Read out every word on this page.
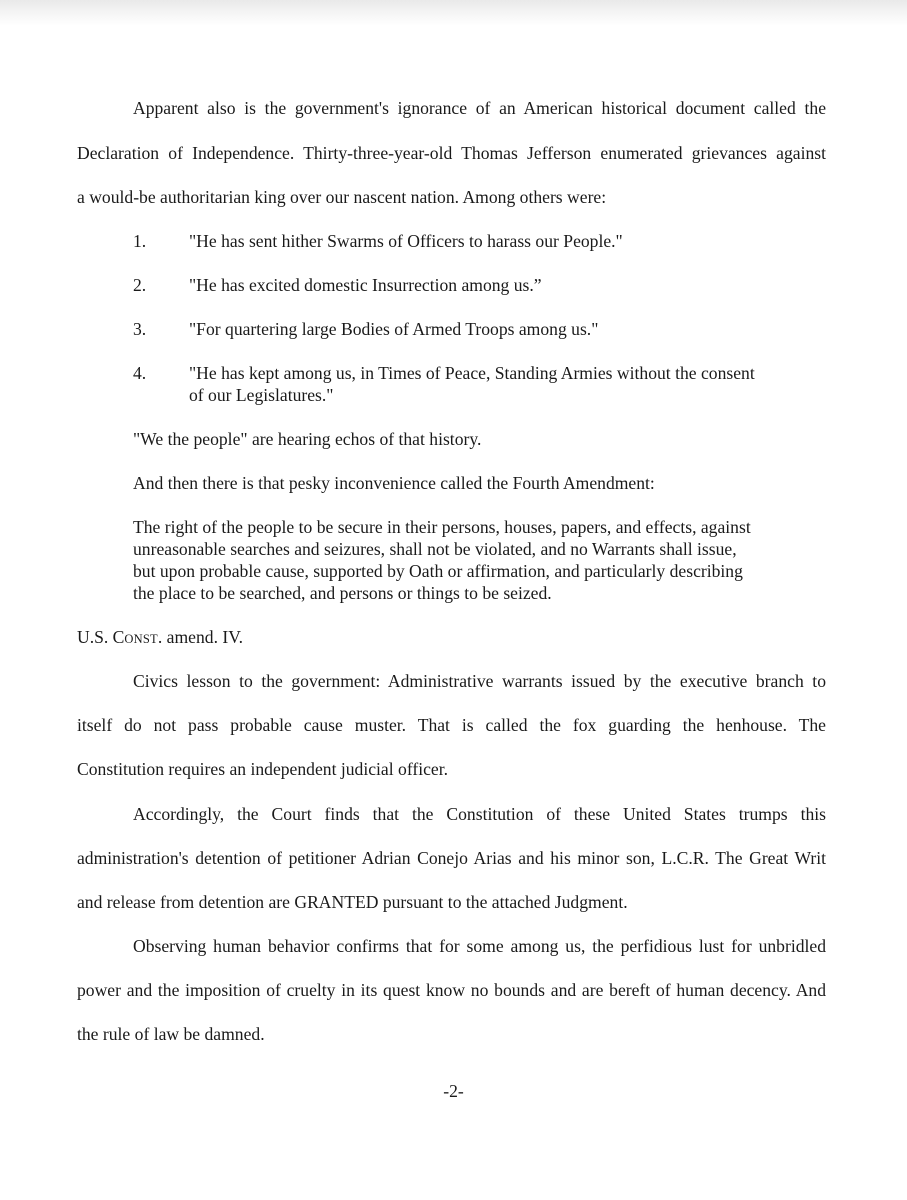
Apparent also is the government's ignorance of an American historical document called the
Declaration of Independence. Thirty-three-year-old Thomas Jefferson enumerated grievances against
a would-be authoritarian king over our nascent nation. Among others were:
1. "He has sent hither Swarms of Officers to harass our People."
2. "He has excited domestic Insurrection among us.”
3. "For quartering large Bodies of Armed Troops among us."
4. "He has kept among us, in Times of Peace, Standing Armies without the consent
of our Legislatures."
"We the people" are hearing echos of that history.
And then there is that pesky inconvenience called the Fourth Amendment:
The right of the people to be secure in their persons, houses, papers, and effects, against
unreasonable searches and seizures, shall not be violated, and no Warrants shall issue,
but upon probable cause, supported by Oath or affirmation, and particularly describing
the place to be searched, and persons or things to be seized.
U.S. CONST. amend. IV.
Civics lesson to the government: Administrative warrants issued by the executive branch to
itself do not pass probable cause muster. That is called the fox guarding the henhouse. The
Constitution requires an independent judicial officer.
Accordingly, the Court finds that the Constitution of these United States trumps this
administration's detention of petitioner Adrian Conejo Arias and his minor son, L.C.R. The Great Writ
and release from detention are GRANTED pursuant to the attached Judgment.
Observing human behavior confirms that for some among us, the perfidious lust for unbridled
power and the imposition of cruelty in its quest know no bounds and are bereft of human decency. And
the rule of law be damned.
-2-
